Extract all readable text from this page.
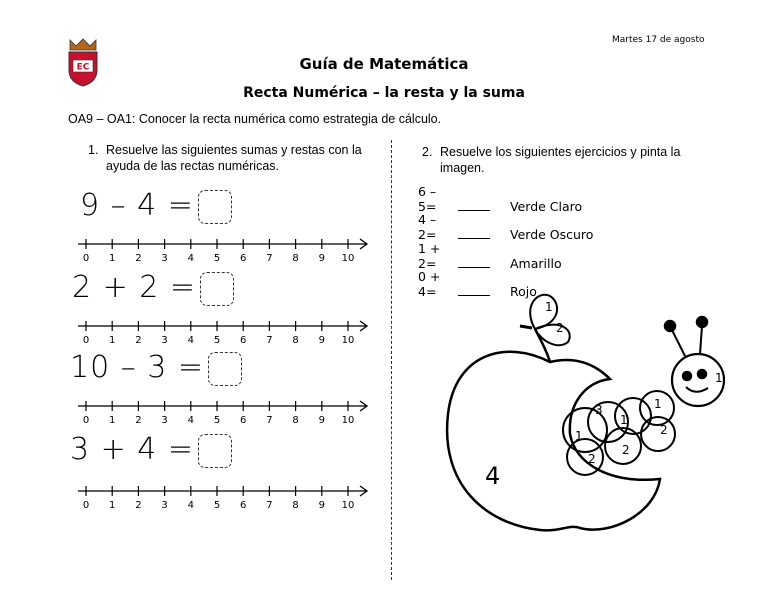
EC
Martes 17 de agosto
Guía de Matemática
Recta Numérica – la resta y la suma
OA9 – OA1: Conocer la recta numérica como estrategia de cálculo.
1. Resuelve las siguientes sumas y restas con la ayuda de las rectas numéricas.
2. Resuelve los siguientes ejercicios y pinta la imagen.
9 – 4 =
2 + 2 =
10 – 3 =
3 + 4 =
0 1 2 3 4 5 6 7 8 9 10
0 1 2 3 4 5 6 7 8 9 10
0 1 2 3 4 5 6 7 8 9 10
0 1 2 3 4 5 6 7 8 9 10
6 – 5=	Verde Claro
4 – 2=	Verde Oscuro
1 + 2=	Amarillo
0 + 4=	Rojo
1
2
4
1
1
2
3
1
2
1
2
